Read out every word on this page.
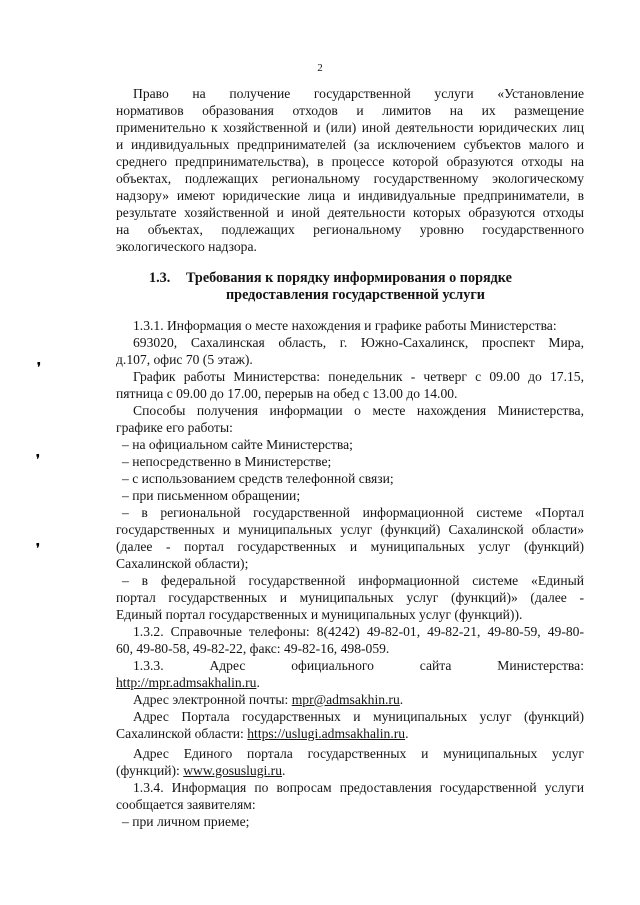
2
Право на получение государственной услуги «Установление
нормативов образования отходов и лимитов на их размещение
применительно к хозяйственной и (или) иной деятельности юридических лиц
и индивидуальных предпринимателей (за исключением субъектов малого и
среднего предпринимательства), в процессе которой образуются отходы на
объектах, подлежащих региональному государственному экологическому
надзору» имеют юридические лица и индивидуальные предприниматели, в
результате хозяйственной и иной деятельности которых образуются отходы
на объектах, подлежащих региональному уровню государственного
экологического надзора.
1.3. Требования к порядку информирования о порядке
предоставления государственной услуги
1.3.1. Информация о месте нахождения и графике работы Министерства:
693020, Сахалинская область, г. Южно-Сахалинск, проспект Мира,
д.107, офис 70 (5 этаж).
График работы Министерства: понедельник - четверг с 09.00 до 17.15,
пятница с 09.00 до 17.00, перерыв на обед с 13.00 до 14.00.
Способы получения информации о месте нахождения Министерства,
графике его работы:
– на официальном сайте Министерства;
– непосредственно в Министерстве;
– с использованием средств телефонной связи;
– при письменном обращении;
– в региональной государственной информационной системе «Портал
государственных и муниципальных услуг (функций) Сахалинской области»
(далее - портал государственных и муниципальных услуг (функций)
Сахалинской области);
– в федеральной государственной информационной системе «Единый
портал государственных и муниципальных услуг (функций)» (далее -
Единый портал государственных и муниципальных услуг (функций)).
1.3.2. Справочные телефоны: 8(4242) 49-82-01, 49-82-21, 49-80-59, 49-80-
60, 49-80-58, 49-82-22, факс: 49-82-16, 498-059.
1.3.3. Адрес официального сайта Министерства:
http://mpr.admsakhalin.ru.
Адрес электронной почты: mpr@admsakhin.ru.
Адрес Портала государственных и муниципальных услуг (функций)
Сахалинской области: https://uslugi.admsakhalin.ru.
Адрес Единого портала государственных и муниципальных услуг
(функций): www.gosuslugi.ru.
1.3.4. Информация по вопросам предоставления государственной услуги
сообщается заявителям:
– при личном приеме;
❜
❜
❜
